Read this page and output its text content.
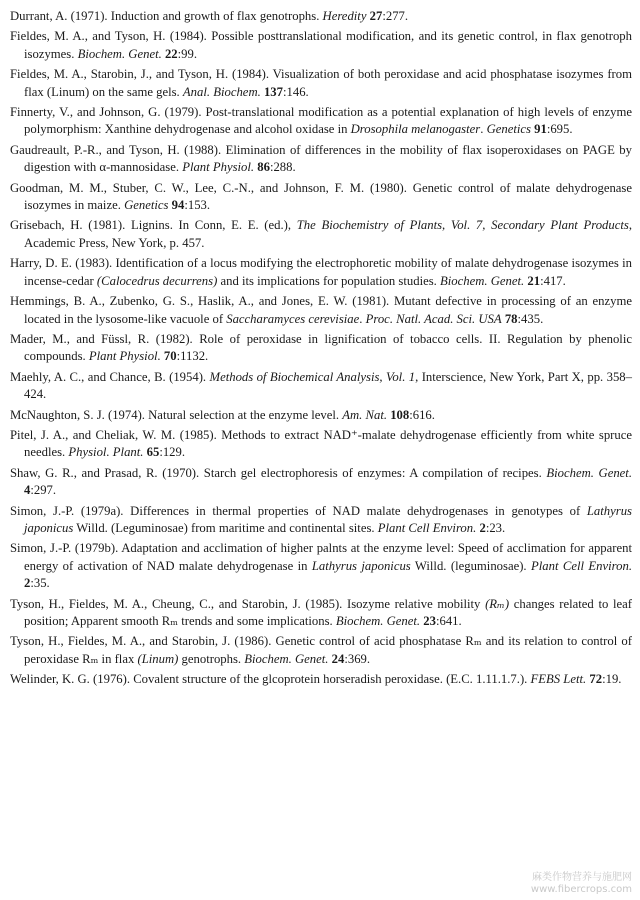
Durrant, A. (1971). Induction and growth of flax genotrophs. Heredity 27:277.

Fieldes, M. A., and Tyson, H. (1984). Possible posttranslational modification, and its genetic control, in flax genotroph isozymes. Biochem. Genet. 22:99.

Fieldes, M. A., Starobin, J., and Tyson, H. (1984). Visualization of both peroxidase and acid phosphatase isozymes from flax (Linum) on the same gels. Anal. Biochem. 137:146.

Finnerty, V., and Johnson, G. (1979). Post-translational modification as a potential explanation of high levels of enzyme polymorphism: Xanthine dehydrogenase and alcohol oxidase in Drosophila melanogaster. Genetics 91:695.

Gaudreault, P.-R., and Tyson, H. (1988). Elimination of differences in the mobility of flax isoperoxidases on PAGE by digestion with α-mannosidase. Plant Physiol. 86:288.

Goodman, M. M., Stuber, C. W., Lee, C.-N., and Johnson, F. M. (1980). Genetic control of malate dehydrogenase isozymes in maize. Genetics 94:153.

Grisebach, H. (1981). Lignins. In Conn, E. E. (ed.), The Biochemistry of Plants, Vol. 7, Secondary Plant Products, Academic Press, New York, p. 457.

Harry, D. E. (1983). Identification of a locus modifying the electrophoretic mobility of malate dehydrogenase isozymes in incense-cedar (Calocedrus decurrens) and its implications for population studies. Biochem. Genet. 21:417.

Hemmings, B. A., Zubenko, G. S., Haslik, A., and Jones, E. W. (1981). Mutant defective in processing of an enzyme located in the lysosome-like vacuole of Saccharamyces cerevisiae. Proc. Natl. Acad. Sci. USA 78:435.

Mader, M., and Füssl, R. (1982). Role of peroxidase in lignification of tobacco cells. II. Regulation by phenolic compounds. Plant Physiol. 70:1132.

Maehly, A. C., and Chance, B. (1954). Methods of Biochemical Analysis, Vol. 1, Interscience, New York, Part X, pp. 358–424.

McNaughton, S. J. (1974). Natural selection at the enzyme level. Am. Nat. 108:616.

Pitel, J. A., and Cheliak, W. M. (1985). Methods to extract NAD⁺-malate dehydrogenase efficiently from white spruce needles. Physiol. Plant. 65:129.

Shaw, G. R., and Prasad, R. (1970). Starch gel electrophoresis of enzymes: A compilation of recipes. Biochem. Genet. 4:297.

Simon, J.-P. (1979a). Differences in thermal properties of NAD malate dehydrogenases in genotypes of Lathyrus japonicus Willd. (Leguminosae) from maritime and continental sites. Plant Cell Environ. 2:23.

Simon, J.-P. (1979b). Adaptation and acclimation of higher palnts at the enzyme level: Speed of acclimation for apparent energy of activation of NAD malate dehydrogenase in Lathyrus japonicus Willd. (leguminosae). Plant Cell Environ. 2:35.

Tyson, H., Fieldes, M. A., Cheung, C., and Starobin, J. (1985). Isozyme relative mobility (Rₘ) changes related to leaf position; Apparent smooth Rₘ trends and some implications. Biochem. Genet. 23:641.

Tyson, H., Fieldes, M. A., and Starobin, J. (1986). Genetic control of acid phosphatase Rₘ and its relation to control of peroxidase Rₘ in flax (Linum) genotrophs. Biochem. Genet. 24:369.

Welinder, K. G. (1976). Covalent structure of the glcoprotein horseradish peroxidase. (E.C. 1.11.1.7.). FEBS Lett. 72:19.

麻类作物营养与施肥网
www.fibercrops.com
